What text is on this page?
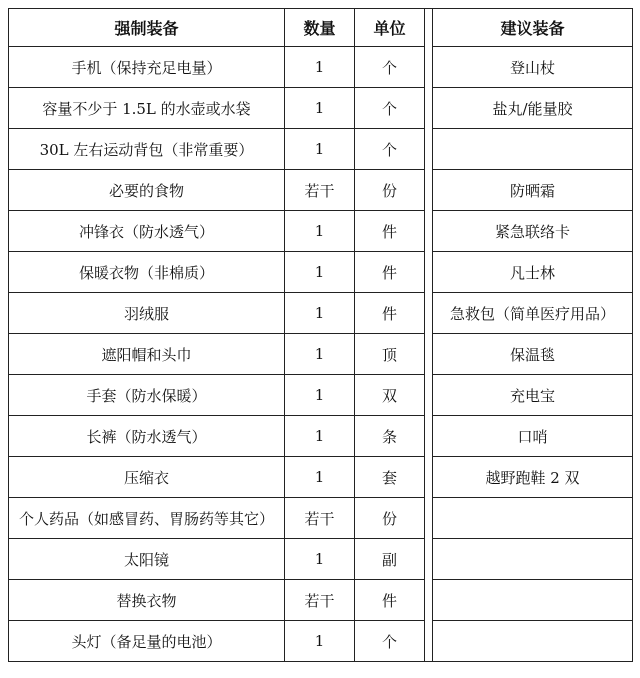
强制装备	数量	单位		建议装备
手机（保持充足电量）	1	个		登山杖
容量不少于 1.5L 的水壶或水袋	1	个		盐丸/能量胶
30L 左右运动背包（非常重要）	1	个		
必要的食物	若干	份		防晒霜
冲锋衣（防水透气）	1	件		紧急联络卡
保暖衣物（非棉质）	1	件		凡士林
羽绒服	1	件		急救包（简单医疗用品）
遮阳帽和头巾	1	顶		保温毯
手套（防水保暖）	1	双		充电宝
长裤（防水透气）	1	条		口哨
压缩衣	1	套		越野跑鞋 2 双
个人药品（如感冒药、胃肠药等其它）	若干	份		
太阳镜	1	副		
替换衣物	若干	件		
头灯（备足量的电池）	1	个		
